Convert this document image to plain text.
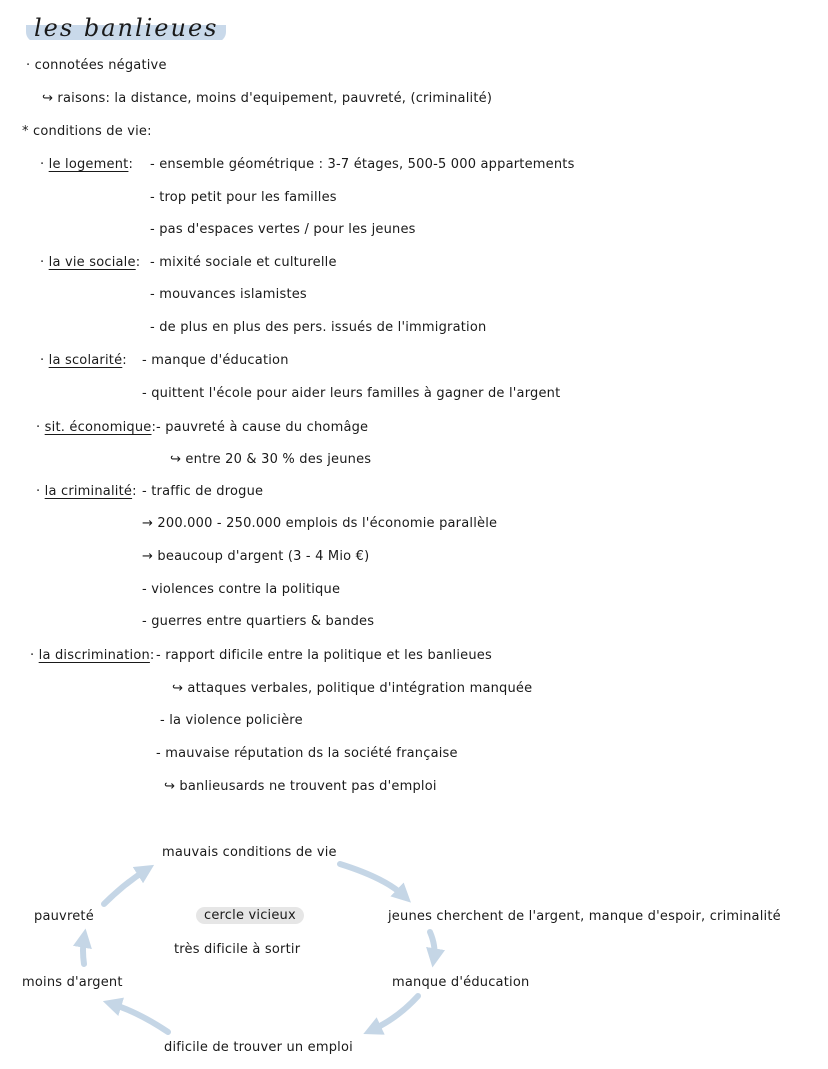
les banlieues
· connotées négative
↪ raisons: la distance, moins d'equipement, pauvreté, (criminalité)
* conditions de vie:
· le logement: - ensemble géométrique : 3-7 étages, 500-5 000 appartements
- trop petit pour les familles
- pas d'espaces vertes / pour les jeunes
· la vie sociale: - mixité sociale et culturelle
- mouvances islamistes
- de plus en plus des pers. issués de l'immigration
· la scolarité: - manque d'éducation
- quittent l'école pour aider leurs familles à gagner de l'argent
· sit. économique: - pauvreté à cause du chomâge
↪ entre 20 & 30 % des jeunes
· la criminalité: - traffic de drogue
→ 200.000 - 250.000 emplois ds l'économie parallèle
→ beaucoup d'argent (3 - 4 Mio €)
- violences contre la politique
- guerres entre quartiers & bandes
· la discrimination: - rapport dificile entre la politique et les banlieues
↪ attaques verbales, politique d'intégration manquée
- la violence policière
- mauvaise réputation ds la société française
↪ banlieusards ne trouvent pas d'emploi
mauvais conditions de vie
cercle vicieux	jeunes cherchent de l'argent, manque d'espoir, criminalité
pauvreté
très dificile à sortir
moins d'argent	manque d'éducation
dificile de trouver un emploi
